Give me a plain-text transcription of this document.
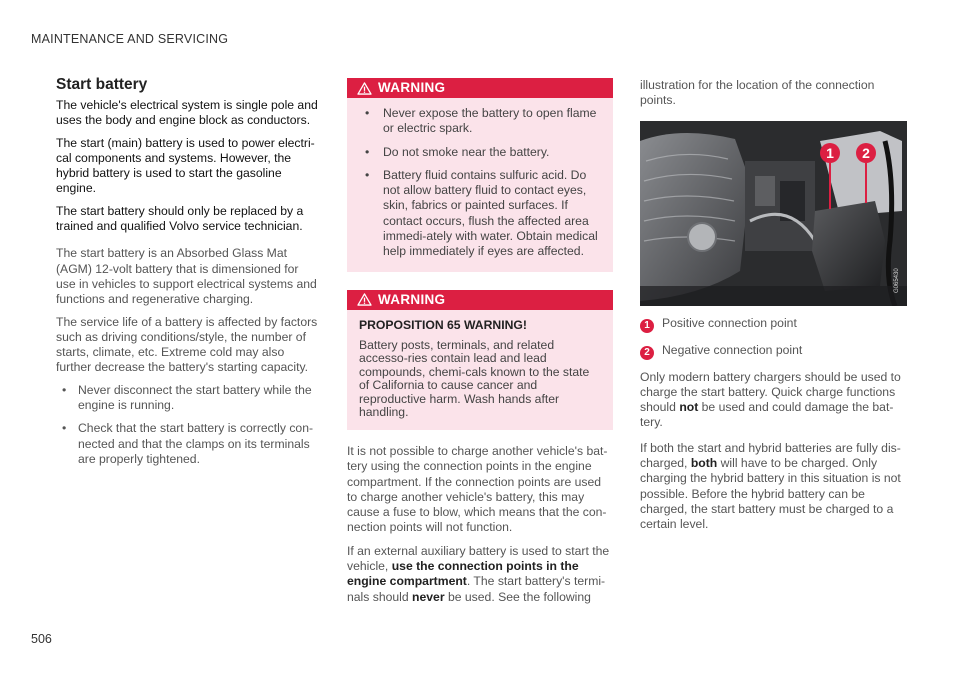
MAINTENANCE AND SERVICING
Start battery

The vehicle's electrical system is single pole and uses the body and engine block as conductors.

The start (main) battery is used to power electri-cal components and systems. However, the hybrid battery is used to start the gasoline engine.

The start battery should only be replaced by a trained and qualified Volvo service technician.

The start battery is an Absorbed Glass Mat (AGM) 12-volt battery that is dimensioned for use in vehicles to support electrical systems and functions and regenerative charging.

The service life of a battery is affected by factors such as driving conditions/style, the number of starts, climate, etc. Extreme cold may also further decrease the battery's starting capacity.

• Never disconnect the start battery while the engine is running.
• Check that the start battery is correctly con-nected and that the clamps on its terminals are properly tightened.
WARNING
• Never expose the battery to open flame or electric spark.
• Do not smoke near the battery.
• Battery fluid contains sulfuric acid. Do not allow battery fluid to contact eyes, skin, fabrics or painted surfaces. If contact occurs, flush the affected area immedi-ately with water. Obtain medical help immediately if eyes are affected.
WARNING
PROPOSITION 65 WARNING!

Battery posts, terminals, and related accesso-ries contain lead and lead compounds, chemi-cals known to the state of California to cause cancer and reproductive harm. Wash hands after handling.

It is not possible to charge another vehicle's bat-tery using the connection points in the engine compartment. If the connection points are used to charge another vehicle's battery, this may cause a fuse to blow, which means that the con-nection points will not function.

If an external auxiliary battery is used to start the vehicle, use the connection points in the engine compartment. The start battery's termi-nals should never be used. See the following

illustration for the location of the connection points.

1 2
G065430
1	Positive connection point
2	Negative connection point

Only modern battery chargers should be used to charge the start battery. Quick charge functions should not be used and could damage the bat-tery.

If both the start and hybrid batteries are fully dis-charged, both will have to be charged. Only charging the hybrid battery in this situation is not possible. Before the hybrid battery can be charged, the start battery must be charged to a certain level.

506
